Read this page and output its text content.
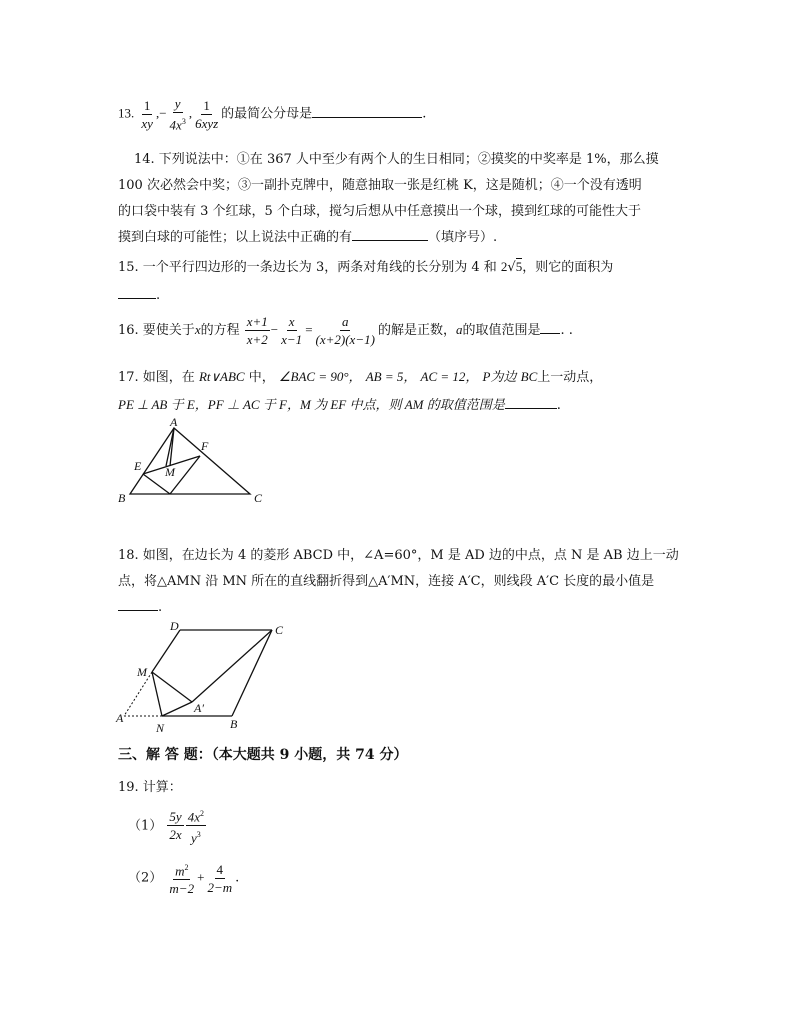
13. $\frac{1}{xy}$ ,− $\frac{y}{4x^3}$ , $\frac{1}{\text{6xyz}}$ 的最简公分母是	.
14. 下列说法中：①在 367 人中至少有两个人的生日相同；②摸奖的中奖率是 1%，那么摸
100 次必然会中奖；③一副扑克牌中，随意抽取一张是红桃 K，这是随机；④一个没有透明
的口袋中装有 3 个红球，5 个白球，搅匀后想从中任意摸出一个球，摸到红球的可能性大于
摸到白球的可能性；以上说法中正确的有	（填序号）.
15. 一个平行四边形的一条边长为 3，两条对角线的长分别为 4 和 2√5，则它的面积为
.
16. 要使关于x的方程 $\frac{x+1}{x+2} - \frac{x}{x-1} = \frac{a}{(x+2)(x-1)}$ 的解是正数，a的取值范围是 . .
17. 如图，在 Rt∨ABC 中， ∠BAC = 90°， AB = 5， AC = 12， P为边 BC上一动点，
PE ⊥ AB 于 E，PF ⊥ AC 于 F，M 为 EF 中点，则 AM 的取值范围是	.
A
F
E M
B	C
18. 如图，在边长为 4 的菱形 ABCD 中，∠A=60°，M 是 AD 边的中点，点 N 是 AB 边上一动
点，将△AMN 沿 MN 所在的直线翻折得到△A′MN，连接 A′C，则线段 A′C 长度的最小值是
.
D	C
M
A′
A
N	B
三、解 答 题：（本大题共 9 小题，共 74 分）
19. 计算：
$(1) \frac{5y}{2x} \frac{4x^2}{y^3}$
$(2) \frac{m^2}{m-2} + \frac{4}{2-m}$ .
